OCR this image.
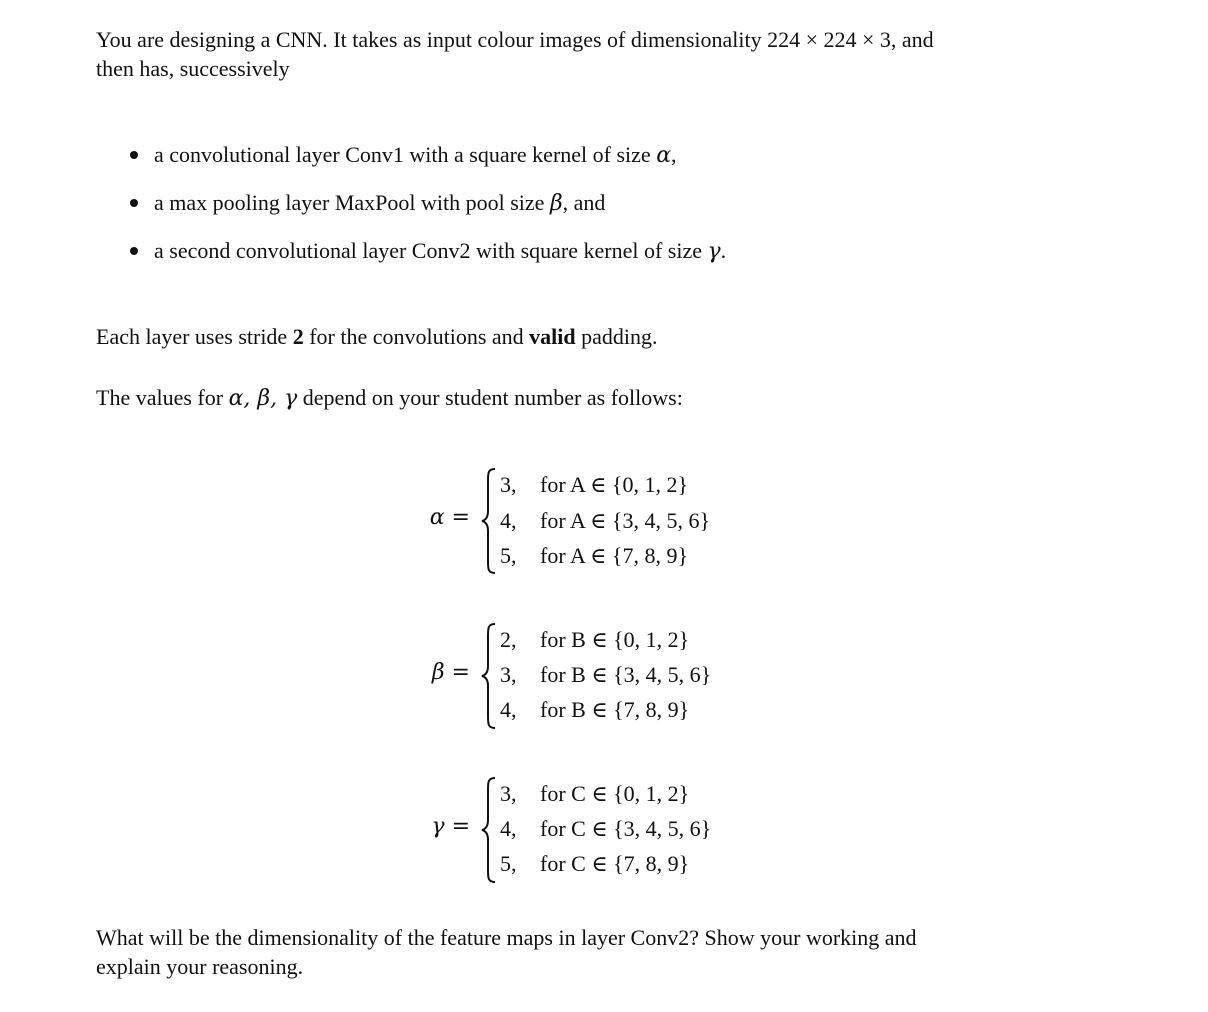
You are designing a CNN. It takes as input colour images of dimensionality 224 × 224 × 3, and
then has, successively
a convolutional layer Conv1 with a square kernel of size α,
a max pooling layer MaxPool with pool size β, and
a second convolutional layer Conv2 with square kernel of size γ.
Each layer uses stride 2 for the convolutions and valid padding.
The values for α, β, γ depend on your student number as follows:
α =
3, for A ∈ {0, 1, 2}
4, for A ∈ {3, 4, 5, 6}
5, for A ∈ {7, 8, 9}
β =
2, for B ∈ {0, 1, 2}
3, for B ∈ {3, 4, 5, 6}
4, for B ∈ {7, 8, 9}
γ =
3, for C ∈ {0, 1, 2}
4, for C ∈ {3, 4, 5, 6}
5, for C ∈ {7, 8, 9}
What will be the dimensionality of the feature maps in layer Conv2? Show your working and
explain your reasoning.
